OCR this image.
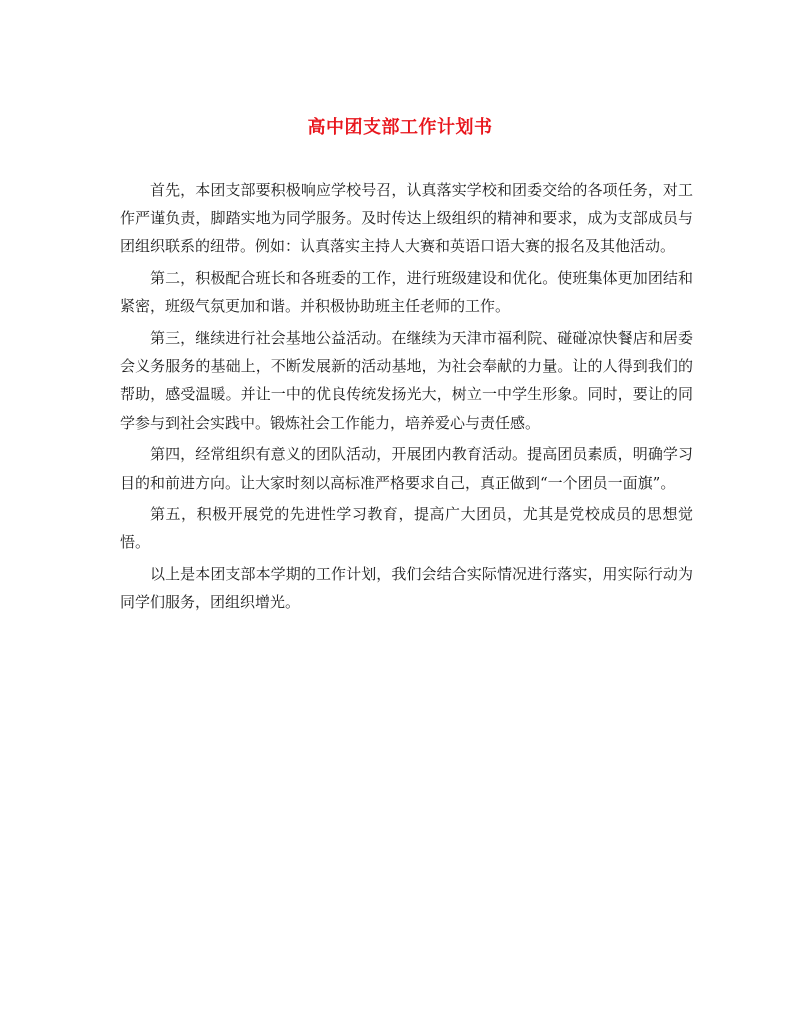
高中团支部工作计划书

首先，本团支部要积极响应学校号召，认真落实学校和团委交给的各项任务，对工作严谨负责，脚踏实地为同学服务。及时传达上级组织的精神和要求，成为支部成员与团组织联系的纽带。例如：认真落实主持人大赛和英语口语大赛的报名及其他活动。

第二，积极配合班长和各班委的工作，进行班级建设和优化。使班集体更加团结和紧密，班级气氛更加和谐。并积极协助班主任老师的工作。

第三，继续进行社会基地公益活动。在继续为天津市福利院、碰碰凉快餐店和居委会义务服务的基础上，不断发展新的活动基地，为社会奉献的力量。让的人得到我们的帮助，感受温暖。并让一中的优良传统发扬光大，树立一中学生形象。同时，要让的同学参与到社会实践中。锻炼社会工作能力，培养爱心与责任感。

第四，经常组织有意义的团队活动，开展团内教育活动。提高团员素质，明确学习目的和前进方向。让大家时刻以高标准严格要求自己，真正做到“一个团员一面旗”。

第五，积极开展党的先进性学习教育，提高广大团员，尤其是党校成员的思想觉悟。

以上是本团支部本学期的工作计划，我们会结合实际情况进行落实，用实际行动为同学们服务，团组织增光。
